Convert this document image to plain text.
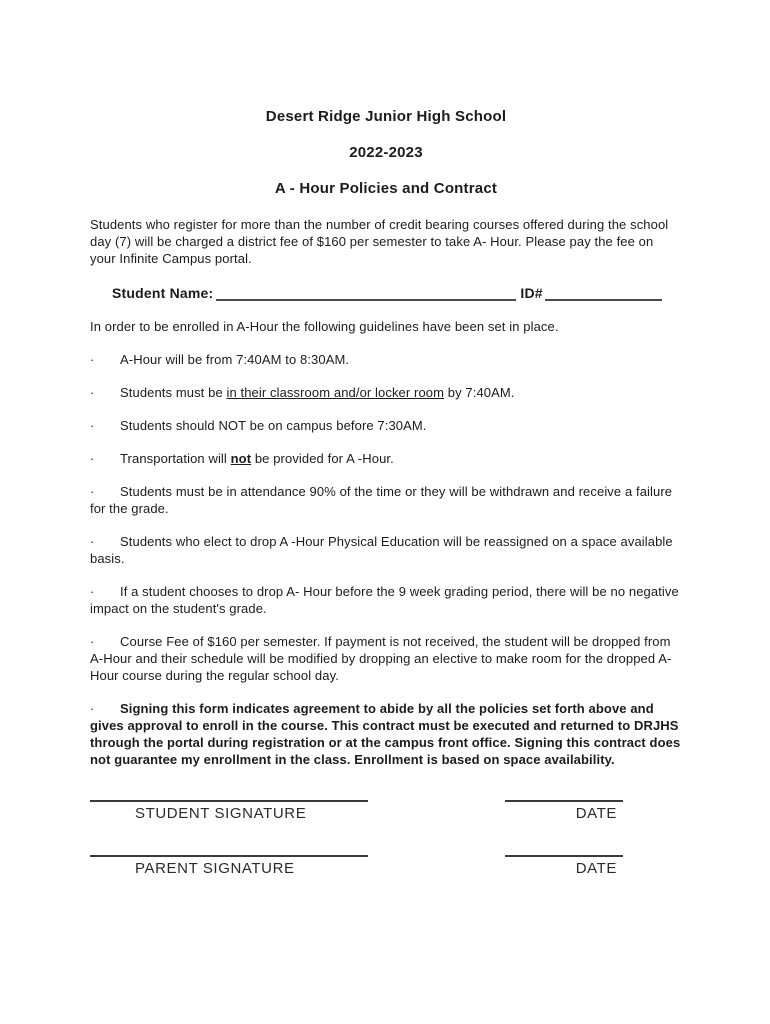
Desert Ridge Junior High School

2022-2023

A - Hour Policies and Contract

Students who register for more than the number of credit bearing courses offered during the school day (7) will be charged a district fee of $160 per semester to take A- Hour. Please pay the fee on your Infinite Campus portal.

Student Name:	ID#

In order to be enrolled in A-Hour the following guidelines have been set in place.

· A-Hour will be from 7:40AM to 8:30AM.

· Students must be in their classroom and/or locker room by 7:40AM.

· Students should NOT be on campus before 7:30AM.

· Transportation will not be provided for A -Hour.

· Students must be in attendance 90% of the time or they will be withdrawn and receive a failure for the grade.

· Students who elect to drop A -Hour Physical Education will be reassigned on a space available basis.

· If a student chooses to drop A- Hour before the 9 week grading period, there will be no negative impact on the student's grade.

· Course Fee of $160 per semester. If payment is not received, the student will be dropped from A-Hour and their schedule will be modified by dropping an elective to make room for the dropped A-Hour course during the regular school day.

· Signing this form indicates agreement to abide by all the policies set forth above and gives approval to enroll in the course. This contract must be executed and returned to DRJHS through the portal during registration or at the campus front office. Signing this contract does not guarantee my enrollment in the class. Enrollment is based on space availability.

STUDENT SIGNATURE	DATE
PARENT SIGNATURE	DATE
